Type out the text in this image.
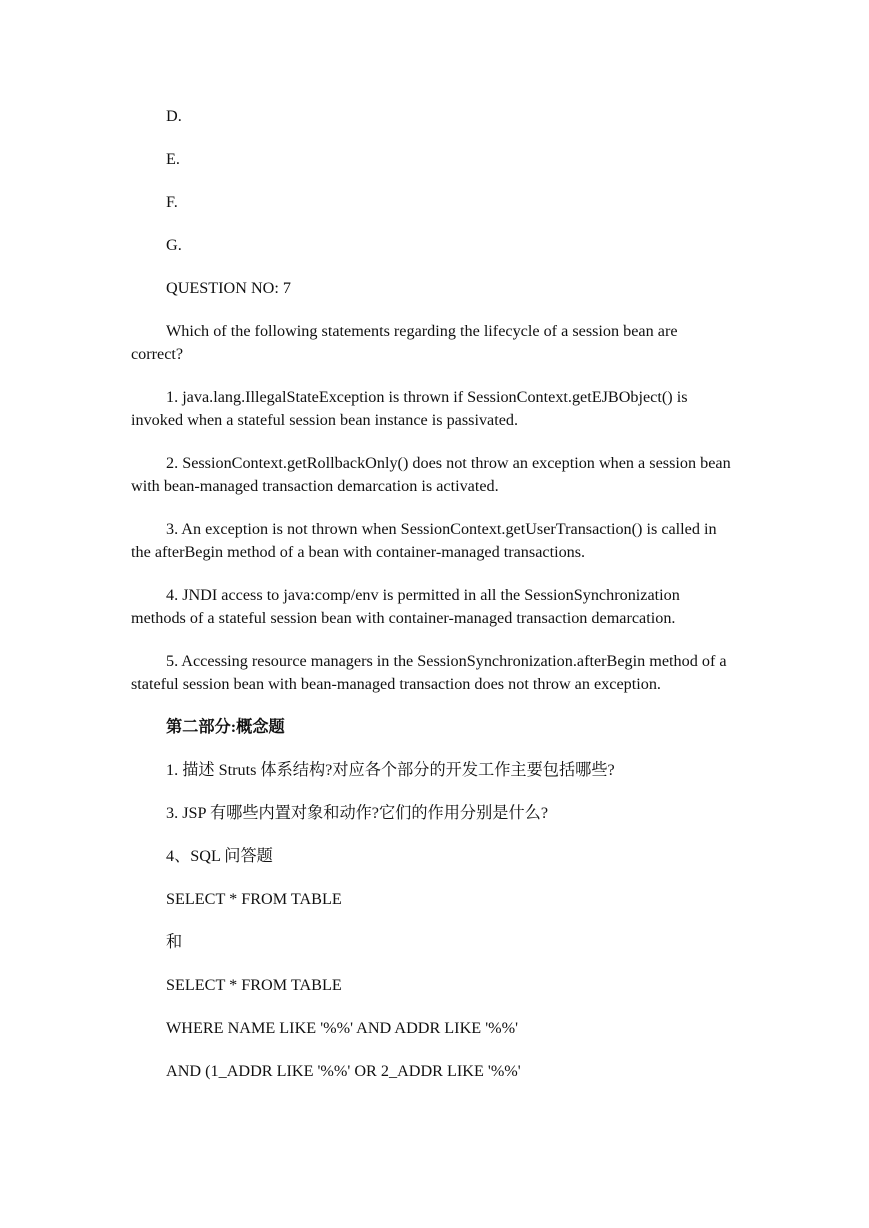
D.

E.

F.

G.

QUESTION NO: 7

Which of the following statements regarding the lifecycle of a session bean are correct?

1. java.lang.IllegalStateException is thrown if SessionContext.getEJBObject() is invoked when a stateful session bean instance is passivated.

2. SessionContext.getRollbackOnly() does not throw an exception when a session bean with bean-managed transaction demarcation is activated.

3. An exception is not thrown when SessionContext.getUserTransaction() is called in the afterBegin method of a bean with container-managed transactions.

4. JNDI access to java:comp/env is permitted in all the SessionSynchronization methods of a stateful session bean with container-managed transaction demarcation.

5. Accessing resource managers in the SessionSynchronization.afterBegin method of a stateful session bean with bean-managed transaction does not throw an exception.

第二部分:概念题

1. 描述 Struts 体系结构?对应各个部分的开发工作主要包括哪些?

3. JSP 有哪些内置对象和动作?它们的作用分别是什么?

4、SQL 问答题

SELECT * FROM TABLE

和

SELECT * FROM TABLE

WHERE NAME LIKE '%%' AND ADDR LIKE '%%'

AND (1_ADDR LIKE '%%' OR 2_ADDR LIKE '%%'
